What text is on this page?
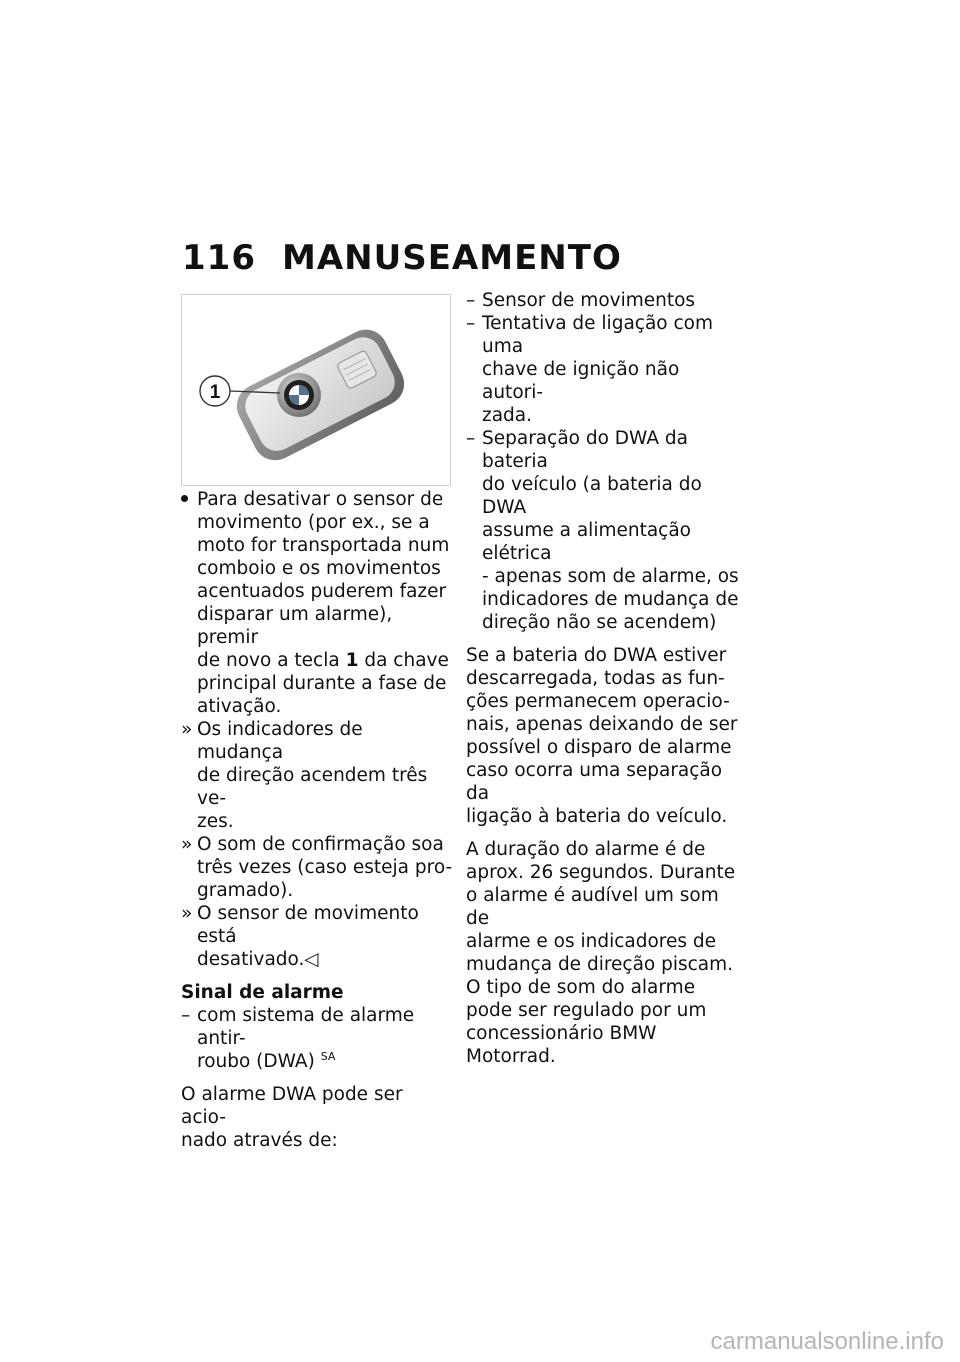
116 MANUSEAMENTO
1
Para desativar o sensor de
movimento (por ex., se a
moto for transportada num
comboio e os movimentos
acentuados puderem fazer
disparar um alarme), premir
de novo a tecla 1 da chave
principal durante a fase de
ativação.
» Os indicadores de mudança
de direção acendem três ve-
zes.
» O som de confirmação soa
três vezes (caso esteja pro-
gramado).
» O sensor de movimento está
desativado.◁
Sinal de alarme
– com sistema de alarme antir-
roubo (DWA) $^{SA}$
O alarme DWA pode ser acio-
nado através de:
– Sensor de movimentos
– Tentativa de ligação com uma
chave de ignição não autori-
zada.
– Separação do DWA da bateria
do veículo (a bateria do DWA
assume a alimentação elétrica
- apenas som de alarme, os
indicadores de mudança de
direção não se acendem)
Se a bateria do DWA estiver
descarregada, todas as fun-
ções permanecem operacio-
nais, apenas deixando de ser
possível o disparo de alarme
caso ocorra uma separação da
ligação à bateria do veículo.
A duração do alarme é de
aprox. 26 segundos. Durante
o alarme é audível um som de
alarme e os indicadores de
mudança de direção piscam.
O tipo de som do alarme
pode ser regulado por um
concessionário BMW Motorrad.
carmanualsonline.info
